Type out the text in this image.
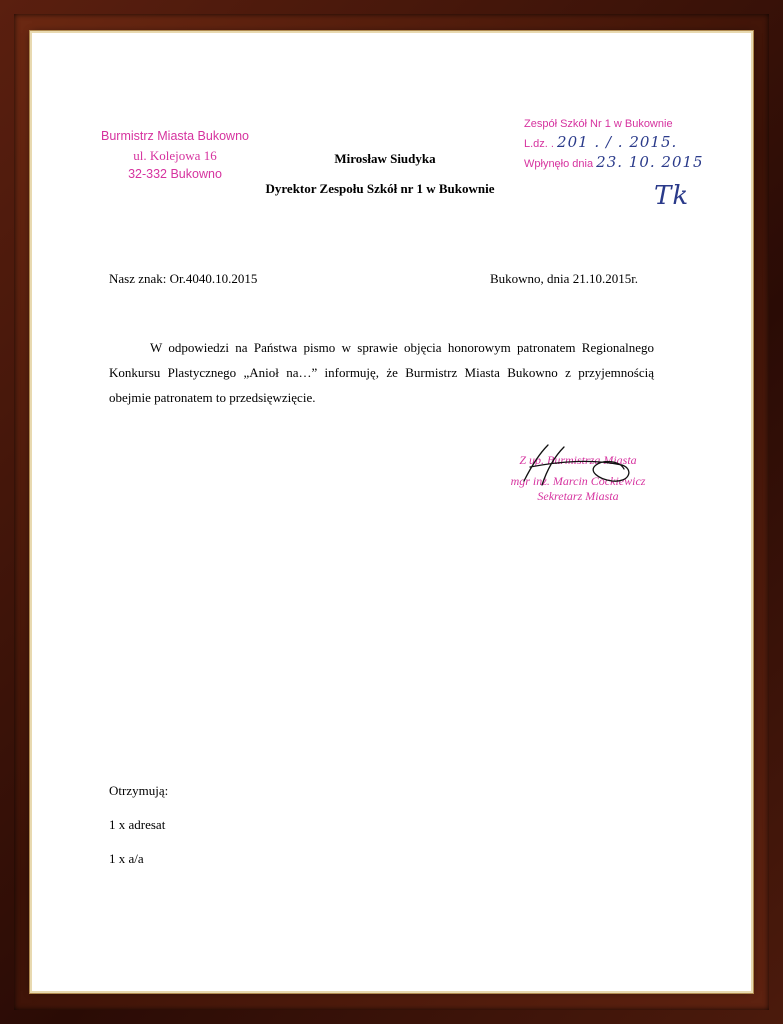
Burmistrz Miasta Bukowno
ul. Kolejowa 16
32-332 Bukowno
Mirosław Siudyka
Dyrektor Zespołu Szkół nr 1 w Bukownie
Zespół Szkół Nr 1 w Bukownie
L.dz. . 201 . / . 2015.
Wpłynęło dnia 23. 10. 2015
Tk
Nasz znak: Or.4040.10.2015	Bukowno, dnia 21.10.2015r.
W odpowiedzi na Państwa pismo w sprawie objęcia honorowym patronatem Regionalnego
Konkursu Plastycznego „Anioł na…” informuję, że Burmistrz Miasta Bukowno z przyjemnością
obejmie patronatem to przedsięwzięcie.
Z up. Burmistrza Miasta
mgr inż. Marcin Cockiewicz
Sekretarz Miasta
Otrzymują:
1 x adresat
1 x a/a
